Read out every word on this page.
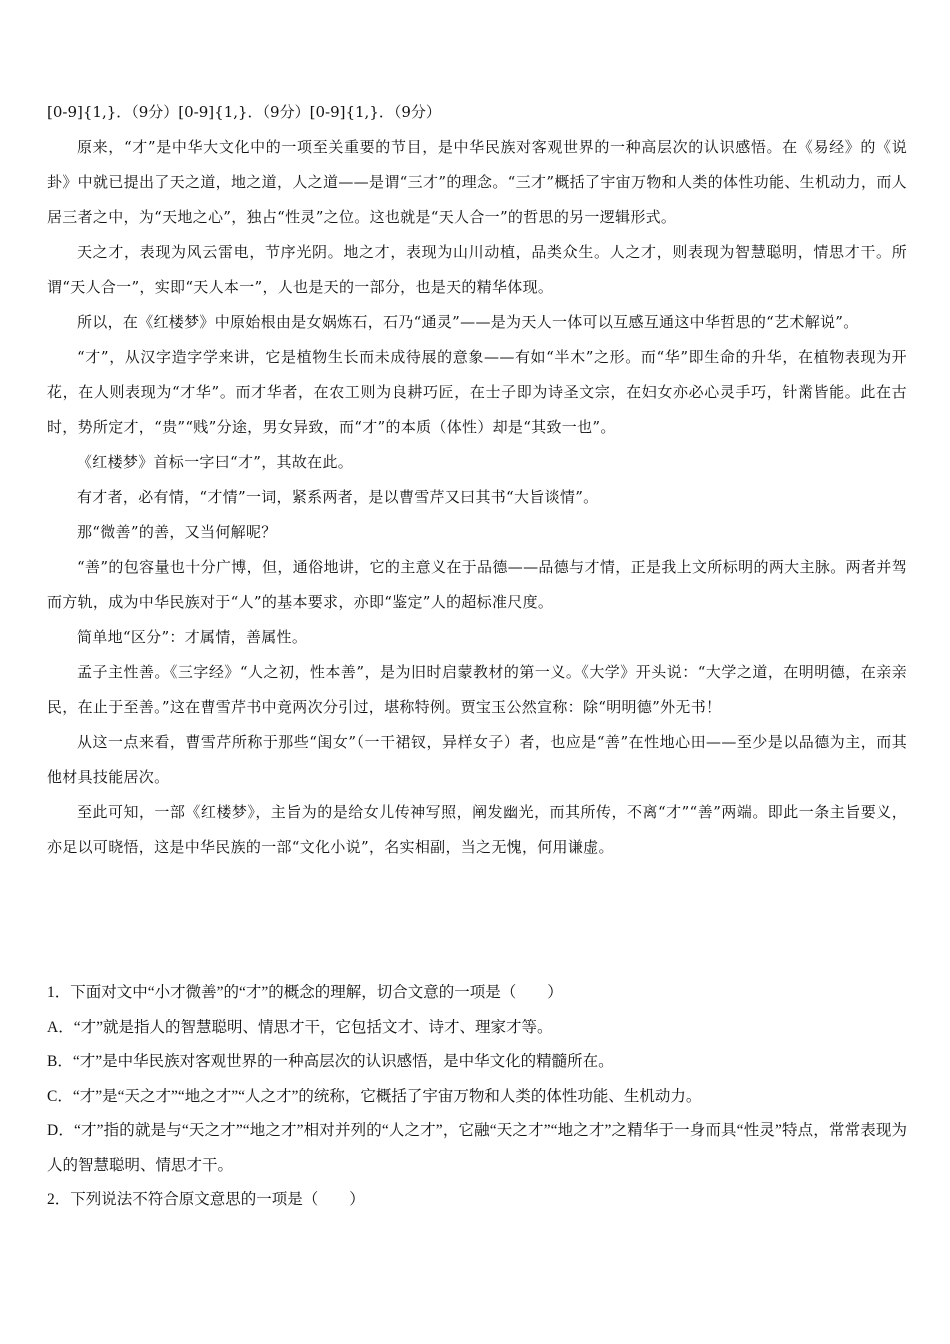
[0-9]{1,}．（9分）[0-9]{1,}．（9分）[0-9]{1,}．（9分）

原来，“才”是中华大文化中的一项至关重要的节目，是中华民族对客观世界的一种高层次的认识感悟。在《易经》的《说卦》中就已提出了天之道，地之道，人之道——是谓“三才”的理念。“三才”概括了宇宙万物和人类的体性功能、生机动力，而人居三者之中，为“天地之心”，独占“性灵”之位。这也就是“天人合一”的哲思的另一逻辑形式。

天之才，表现为风云雷电，节序光阴。地之才，表现为山川动植，品类众生。人之才，则表现为智慧聪明，情思才干。所谓“天人合一”，实即“天人本一”，人也是天的一部分，也是天的精华体现。

所以，在《红楼梦》中原始根由是女娲炼石，石乃“通灵”——是为天人一体可以互感互通这中华哲思的“艺术解说”。

“才”，从汉字造字学来讲，它是植物生长而未成待展的意象——有如“半木”之形。而“华”即生命的升华，在植物表现为开花，在人则表现为“才华”。而才华者，在农工则为良耕巧匠，在士子即为诗圣文宗，在妇女亦必心灵手巧，针黹皆能。此在古时，势所定才，“贵”“贱”分途，男女异致，而“才”的本质（体性）却是“其致一也”。

《红楼梦》首标一字曰“才”，其故在此。

有才者，必有情，“才情”一词，紧系两者，是以曹雪芹又曰其书“大旨谈情”。

那“微善”的善，又当何解呢？

“善”的包容量也十分广博，但，通俗地讲，它的主意义在于品德——品德与才情，正是我上文所标明的两大主脉。两者并驾而方轨，成为中华民族对于“人”的基本要求，亦即“鉴定”人的超标准尺度。

简单地“区分”：才属情，善属性。

孟子主性善。《三字经》“人之初，性本善”，是为旧时启蒙教材的第一义。《大学》开头说：“大学之道，在明明德，在亲亲民，在止于至善。”这在曹雪芹书中竟两次分引过，堪称特例。贾宝玉公然宣称：除“明明德”外无书！

从这一点来看，曹雪芹所称于那些“闺女”（一干裙钗，异样女子）者，也应是“善”在性地心田——至少是以品德为主，而其他材具技能居次。

至此可知，一部《红楼梦》，主旨为的是给女儿传神写照，阐发幽光，而其所传，不离“才”“善”两端。即此一条主旨要义，亦足以可晓悟，这是中华民族的一部“文化小说”，名实相副，当之无愧，何用谦虚。

1．下面对文中“小才微善”的“才”的概念的理解，切合文意的一项是（　　）

A．“才”就是指人的智慧聪明、情思才干，它包括文才、诗才、理家才等。

B．“才”是中华民族对客观世界的一种高层次的认识感悟，是中华文化的精髓所在。

C．“才”是“天之才”“地之才”“人之才”的统称，它概括了宇宙万物和人类的体性功能、生机动力。

D．“才”指的就是与“天之才”“地之才”相对并列的“人之才”，它融“天之才”“地之才”之精华于一身而具“性灵”特点，常常表现为人的智慧聪明、情思才干。

2．下列说法不符合原文意思的一项是（　　）
